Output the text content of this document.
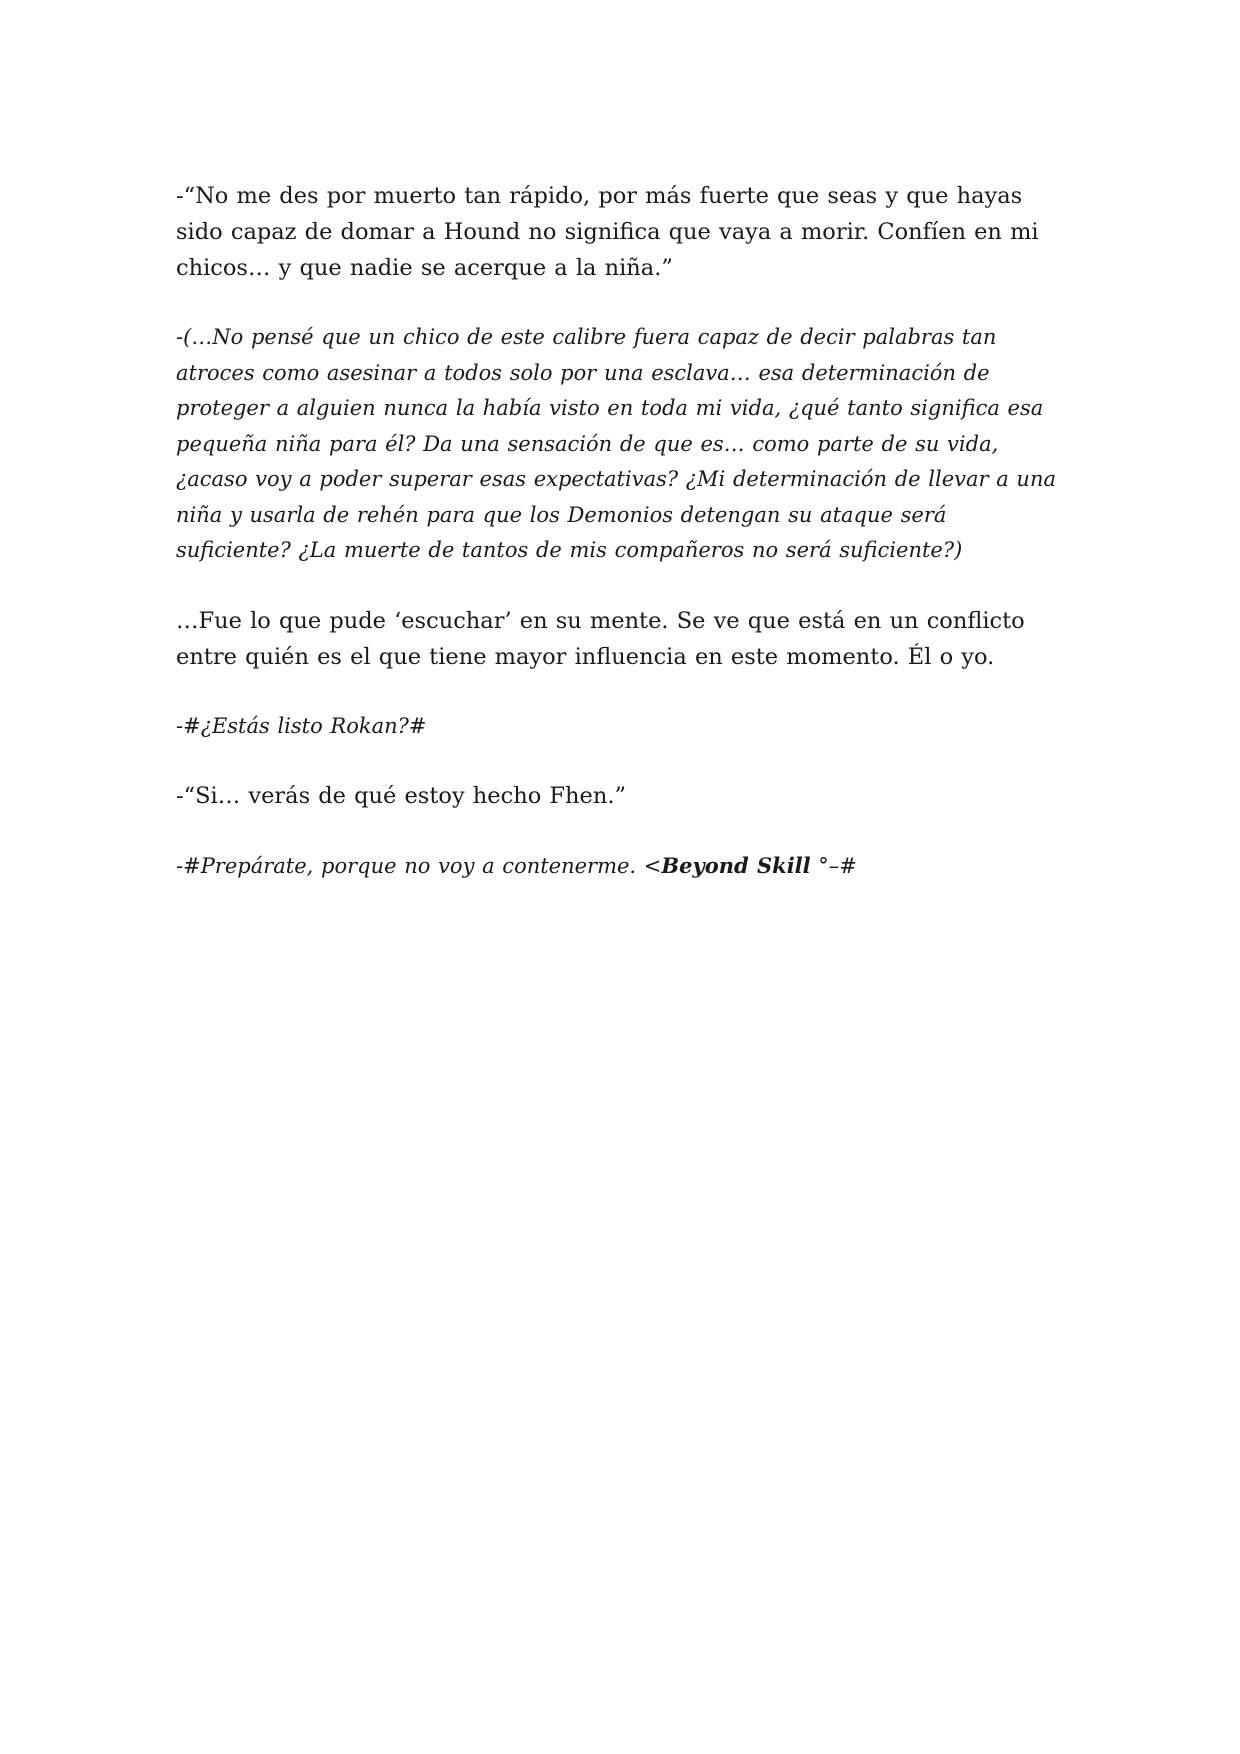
-“No me des por muerto tan rápido, por más fuerte que seas y que hayas sido capaz de domar a Hound no significa que vaya a morir. Confíen en mi chicos… y que nadie se acerque a la niña.”

-(…No pensé que un chico de este calibre fuera capaz de decir palabras tan atroces como asesinar a todos solo por una esclava… esa determinación de proteger a alguien nunca la había visto en toda mi vida, ¿qué tanto significa esa pequeña niña para él? Da una sensación de que es… como parte de su vida, ¿acaso voy a poder superar esas expectativas? ¿Mi determinación de llevar a una niña y usarla de rehén para que los Demonios detengan su ataque será suficiente? ¿La muerte de tantos de mis compañeros no será suficiente?)

…Fue lo que pude ‘escuchar’ en su mente. Se ve que está en un conflicto entre quién es el que tiene mayor influencia en este momento. Él o yo.

-#¿Estás listo Rokan?#

-“Si… verás de qué estoy hecho Fhen.”

-#Prepárate, porque no voy a contenerme. <Beyond Skill °–#
